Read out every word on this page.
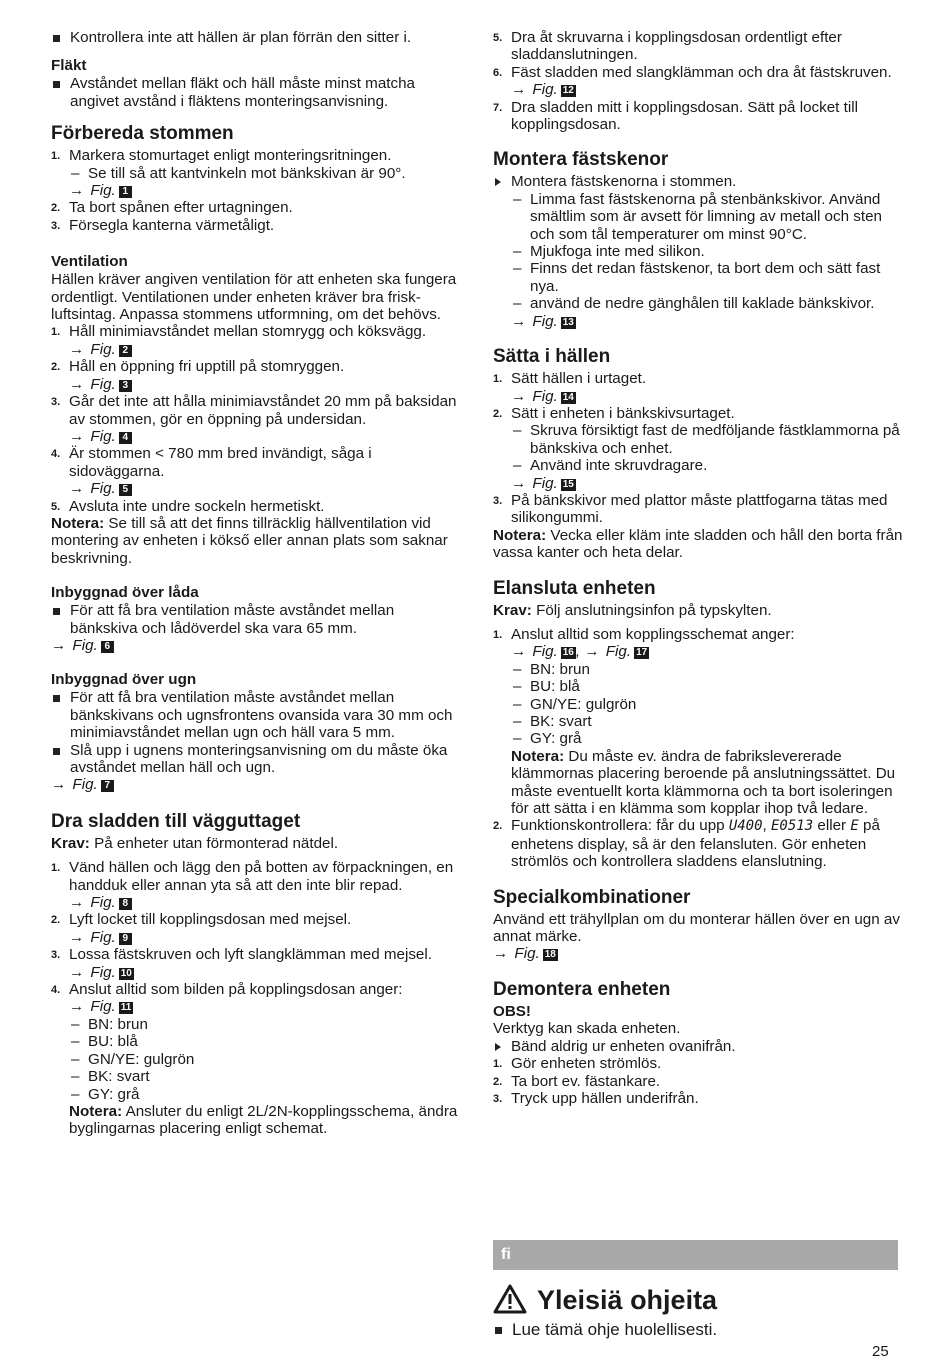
Kontrollera inte att hällen är plan förrän den sitter i.
Fläkt
Avståndet mellan fläkt och häll måste minst matcha angivet avstånd i fläktens monteringsanvisning.
Förbereda stommen
1. Markera stomurtaget enligt monteringsritningen.
– Se till så att kantvinkeln mot bänkskivan är 90°.
→ Fig. 1
2. Ta bort spånen efter urtagningen.
3. Försegla kanterna värmetåligt.
Ventilation
Hällen kräver angiven ventilation för att enheten ska fungera ordentligt. Ventilationen under enheten kräver bra friskluftsintag. Anpassa stommens utformning, om det behövs.
1. Håll minimiavståndet mellan stomrygg och köksvägg.
→ Fig. 2
2. Håll en öppning fri upptill på stomryggen.
→ Fig. 3
3. Går det inte att hålla minimiavståndet 20 mm på baksidan av stommen, gör en öppning på undersidan.
→ Fig. 4
4. Är stommen < 780 mm bred invändigt, såga i sidoväggarna.
→ Fig. 5
5. Avsluta inte undre sockeln hermetiskt.
Notera: Se till så att det finns tillräcklig hällventilation vid montering av enheten i kökső eller annan plats som saknar beskrivning.
Inbyggnad över låda
För att få bra ventilation måste avståndet mellan bänkskiva och lådöverdel ska vara 65 mm.
→ Fig. 6
Inbyggnad över ugn
För att få bra ventilation måste avståndet mellan bänkskivans och ugnsfrontens ovansida vara 30 mm och minimiavståndet mellan ugn och häll vara 5 mm.
Slå upp i ugnens monteringsanvisning om du måste öka avståndet mellan häll och ugn.
→ Fig. 7
Dra sladden till vägguttaget
Krav: På enheter utan förmonterad nätdel.
1. Vänd hällen och lägg den på botten av förpackningen, en handduk eller annan yta så att den inte blir repad.
→ Fig. 8
2. Lyft locket till kopplingsdosan med mejsel.
→ Fig. 9
3. Lossa fästskruven och lyft slangklämman med mejsel.
→ Fig. 10
4. Anslut alltid som bilden på kopplingsdosan anger:
→ Fig. 11
– BN: brun
– BU: blå
– GN/YE: gulgrön
– BK: svart
– GY: grå
Notera: Ansluter du enligt 2L/2N-kopplingsschema, ändra byglingarnas placering enligt schemat.
5. Dra åt skruvarna i kopplingsdosan ordentligt efter sladdanslutningen.
6. Fäst sladden med slangklämman och dra åt fästskruven.
→ Fig. 12
7. Dra sladden mitt i kopplingsdosan. Sätt på locket till kopplingsdosan.
Montera fästskenor
Montera fästskenorna i stommen.
– Limma fast fästskenorna på stenbänkskivor. Använd smältlim som är avsett för limning av metall och sten och som tål temperaturer om minst 90°C.
– Mjukfoga inte med silikon.
– Finns det redan fästskenor, ta bort dem och sätt fast nya.
– använd de nedre gänghålen till kaklade bänkskivor.
→ Fig. 13
Sätta i hällen
1. Sätt hällen i urtaget.
→ Fig. 14
2. Sätt i enheten i bänkskivsurtaget.
– Skruva försiktigt fast de medföljande fästklammorna på bänkskiva och enhet.
– Använd inte skruvdragare.
→ Fig. 15
3. På bänkskivor med plattor måste plattfogarna tätas med silikongummi.
Notera: Vecka eller kläm inte sladden och håll den borta från vassa kanter och heta delar.
Elansluta enheten
Krav: Följ anslutningsinfon på typskylten.
1. Anslut alltid som kopplingsschemat anger:
→ Fig. 16 , → Fig. 17
– BN: brun
– BU: blå
– GN/YE: gulgrön
– BK: svart
– GY: grå
Notera: Du måste ev. ändra de fabrikslevererade klämmornas placering beroende på anslutningssättet. Du måste eventuellt korta klämmorna och ta bort isoleringen för att sätta i en klämma som kopplar ihop två ledare.
2. Funktionskontrollera: får du upp U400, E0513 eller E på enhetens display, så är den felansluten. Gör enheten strömlös och kontrollera sladdens elanslutning.
Specialkombinationer
Använd ett trähyllplan om du monterar hällen över en ugn av annat märke.
→ Fig. 18
Demontera enheten
OBS!
Verktyg kan skada enheten.
Bänd aldrig ur enheten ovanifrån.
1. Gör enheten strömlös.
2. Ta bort ev. fästankare.
3. Tryck upp hällen underifrån.
fi
Yleisiä ohjeita
Lue tämä ohje huolellisesti.
25
